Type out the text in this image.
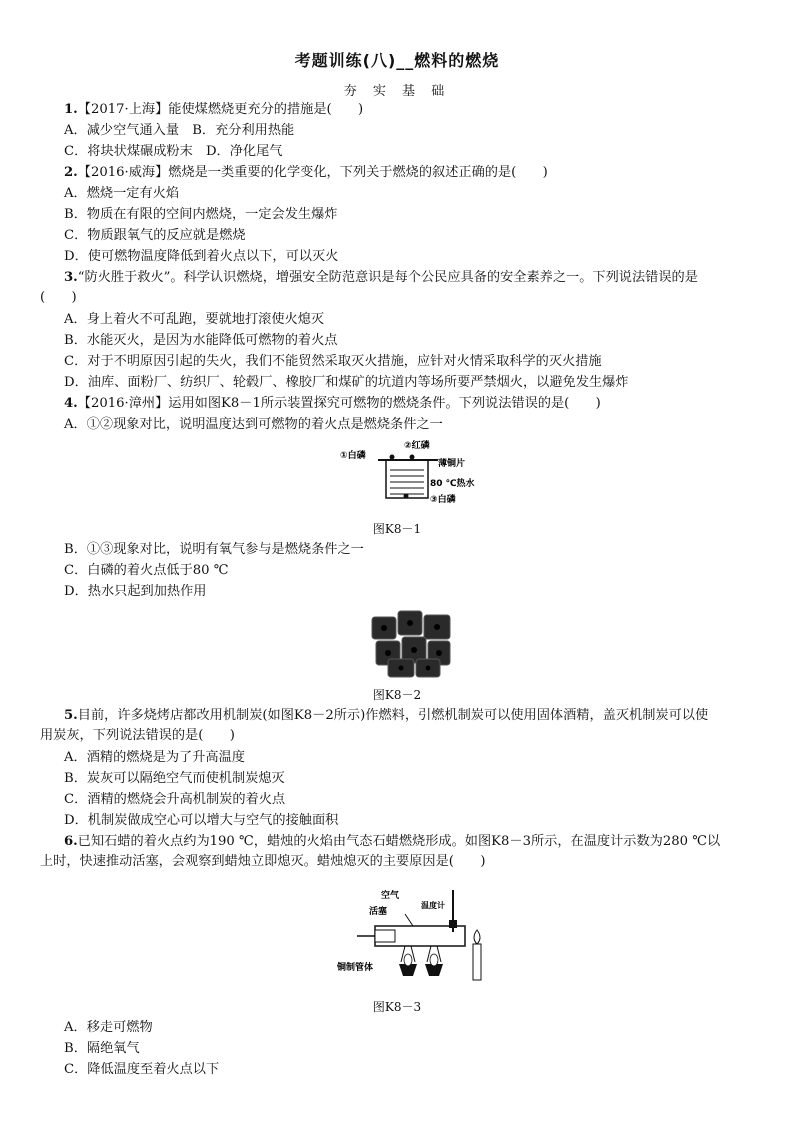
考题训练(八)__燃料的燃烧
夯 实 基 础
1.【2017·上海】能使煤燃烧更充分的措施是(　　)
A．减少空气通入量　B．充分利用热能
C．将块状煤碾成粉末　D．净化尾气
2.【2016·威海】燃烧是一类重要的化学变化，下列关于燃烧的叙述正确的是(　　)
A．燃烧一定有火焰
B．物质在有限的空间内燃烧，一定会发生爆炸
C．物质跟氧气的反应就是燃烧
D．使可燃物温度降低到着火点以下，可以灭火
3.“防火胜于救火”。科学认识燃烧，增强安全防范意识是每个公民应具备的安全素养之一。下列说法错误的是
(　　)
A．身上着火不可乱跑，要就地打滚使火熄灭
B．水能灭火，是因为水能降低可燃物的着火点
C．对于不明原因引起的失火，我们不能贸然采取灭火措施，应针对火情采取科学的灭火措施
D．油库、面粉厂、纺织厂、轮毂厂、橡胶厂和煤矿的坑道内等场所要严禁烟火，以避免发生爆炸
4.【2016·漳州】运用如图K8－1所示装置探究可燃物的燃烧条件。下列说法错误的是(　　)
A．①②现象对比，说明温度达到可燃物的着火点是燃烧条件之一
①白磷
②红磷
薄铜片
80 ℃热水
③白磷
图K8－1
B．①③现象对比，说明有氧气参与是燃烧条件之一
C．白磷的着火点低于80 ℃
D．热水只起到加热作用
图K8－2
5.目前，许多烧烤店都改用机制炭(如图K8－2所示)作燃料，引燃机制炭可以使用固体酒精，盖灭机制炭可以使
用炭灰，下列说法错误的是(　　)
A．酒精的燃烧是为了升高温度
B．炭灰可以隔绝空气而使机制炭熄灭
C．酒精的燃烧会升高机制炭的着火点
D．机制炭做成空心可以增大与空气的接触面积
6.已知石蜡的着火点约为190 ℃，蜡烛的火焰由气态石蜡燃烧形成。如图K8－3所示，在温度计示数为280 ℃以
上时，快速推动活塞，会观察到蜡烛立即熄灭。蜡烛熄灭的主要原因是(　　)
空气
温度计
活塞
铜制管体
图K8－3
A．移走可燃物
B．隔绝氧气
C．降低温度至着火点以下
